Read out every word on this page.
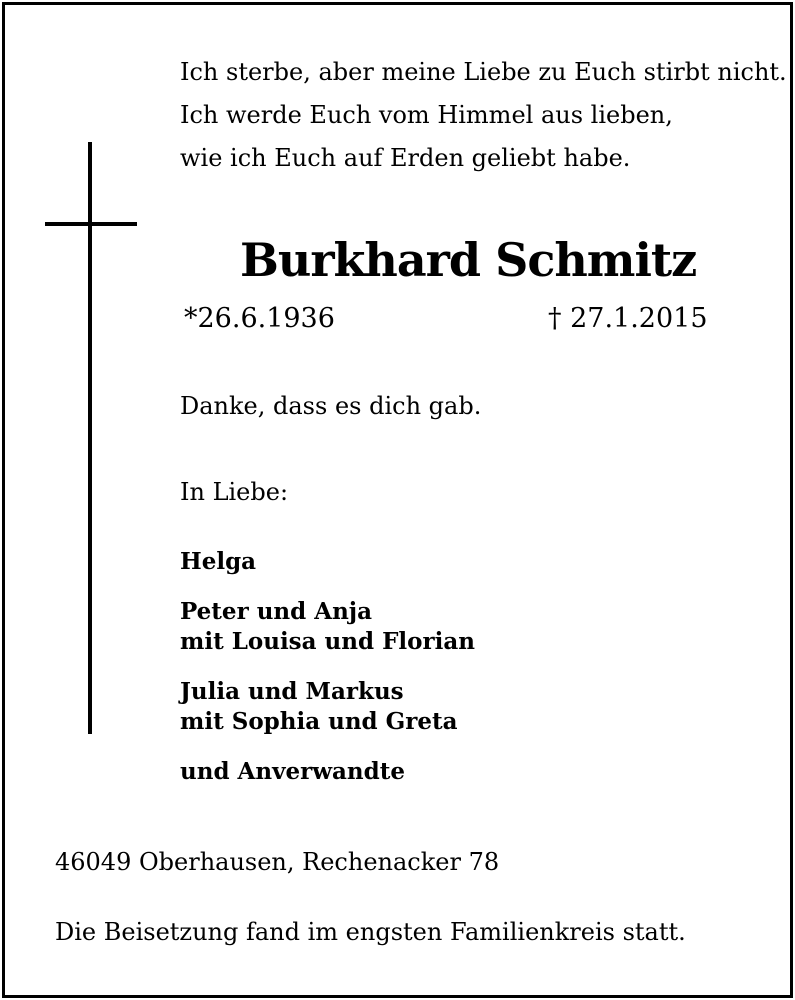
Ich sterbe, aber meine Liebe zu Euch stirbt nicht.
Ich werde Euch vom Himmel aus lieben,
wie ich Euch auf Erden geliebt habe.
Burkhard Schmitz
*26.6.1936	† 27.1.2015
Danke, dass es dich gab.
In Liebe:
Helga
Peter und Anja
mit Louisa und Florian
Julia und Markus
mit Sophia und Greta
und Anverwandte
46049 Oberhausen, Rechenacker 78
Die Beisetzung fand im engsten Familienkreis statt.
